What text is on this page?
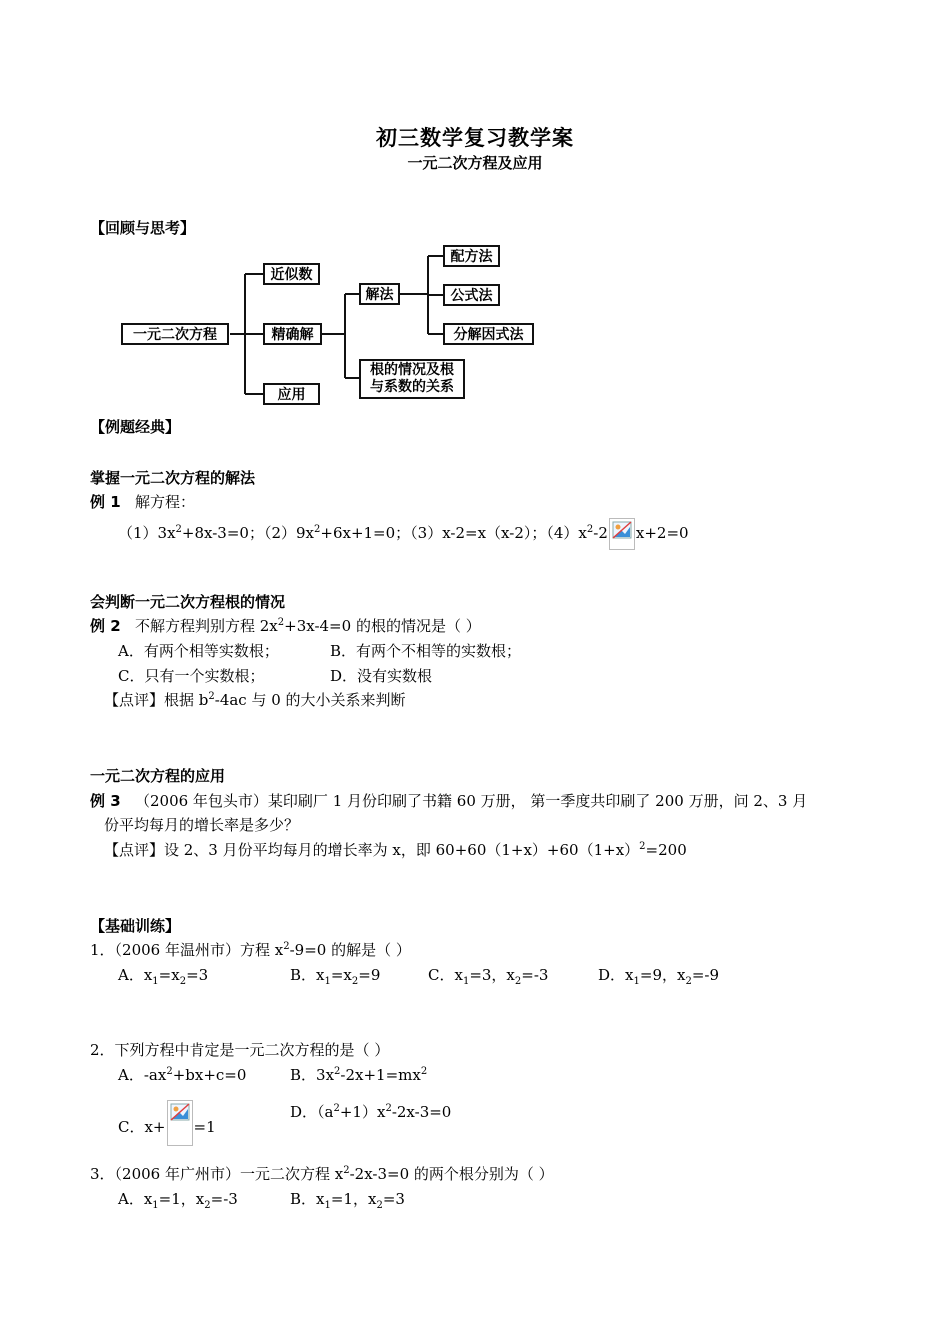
初三数学复习教学案
一元二次方程及应用
【回顾与思考】
一元二次方程
近似数
精确解
应用
解法
根的情况及根
与系数的关系
配方法
公式法
分解因式法
【例题经典】
掌握一元二次方程的解法
例 1 解方程：
$(1)3x^2+8x-3=0$；$(2)9x^2+6x+1=0$；（3）x-2=x（x-2）；$(4)x^2-2$ x+2=0
会判断一元二次方程根的情况
例 2 不解方程判别方程 $2x^2+3x-4=0$ 的根的情况是（ ）
A．有两个相等实数根；	B．有两个不相等的实数根；
C．只有一个实数根；	D．没有实数根
【点评】根据 $b^2-4ac$ 与 0 的大小关系来判断
一元二次方程的应用
例 3 （2006 年包头市）某印刷厂 1 月份印刷了书籍 60 万册， 第一季度共印刷了 200 万册，问 2、3 月
份平均每月的增长率是多少？
【点评】设 2、3 月份平均每月的增长率为 x，即 $60+60(1+x)+60(1+x)^2=200$
【基础训练】
1．（2006 年温州市）方程 $x^2-9=0$ 的解是（ ）
A．$x_1=x_2=3$	B．$x_1=x_2=9$	C．$x_1=3$，$x_2=-3$	D．$x_1=9$，$x_2=-9$
2．下列方程中肯定是一元二次方程的是（ ）
A．$-ax^2+bx+c=0$	B．$3x^2-2x+1=mx^2$
C．x+ =1
D．$(a^2+1)x^2-2x-3=0$
3．（2006 年广州市）一元二次方程 $x^2-2x-3=0$ 的两个根分别为（ ）
A．$x_1=1$，$x_2=-3$	B．$x_1=1$，$x_2=3$
